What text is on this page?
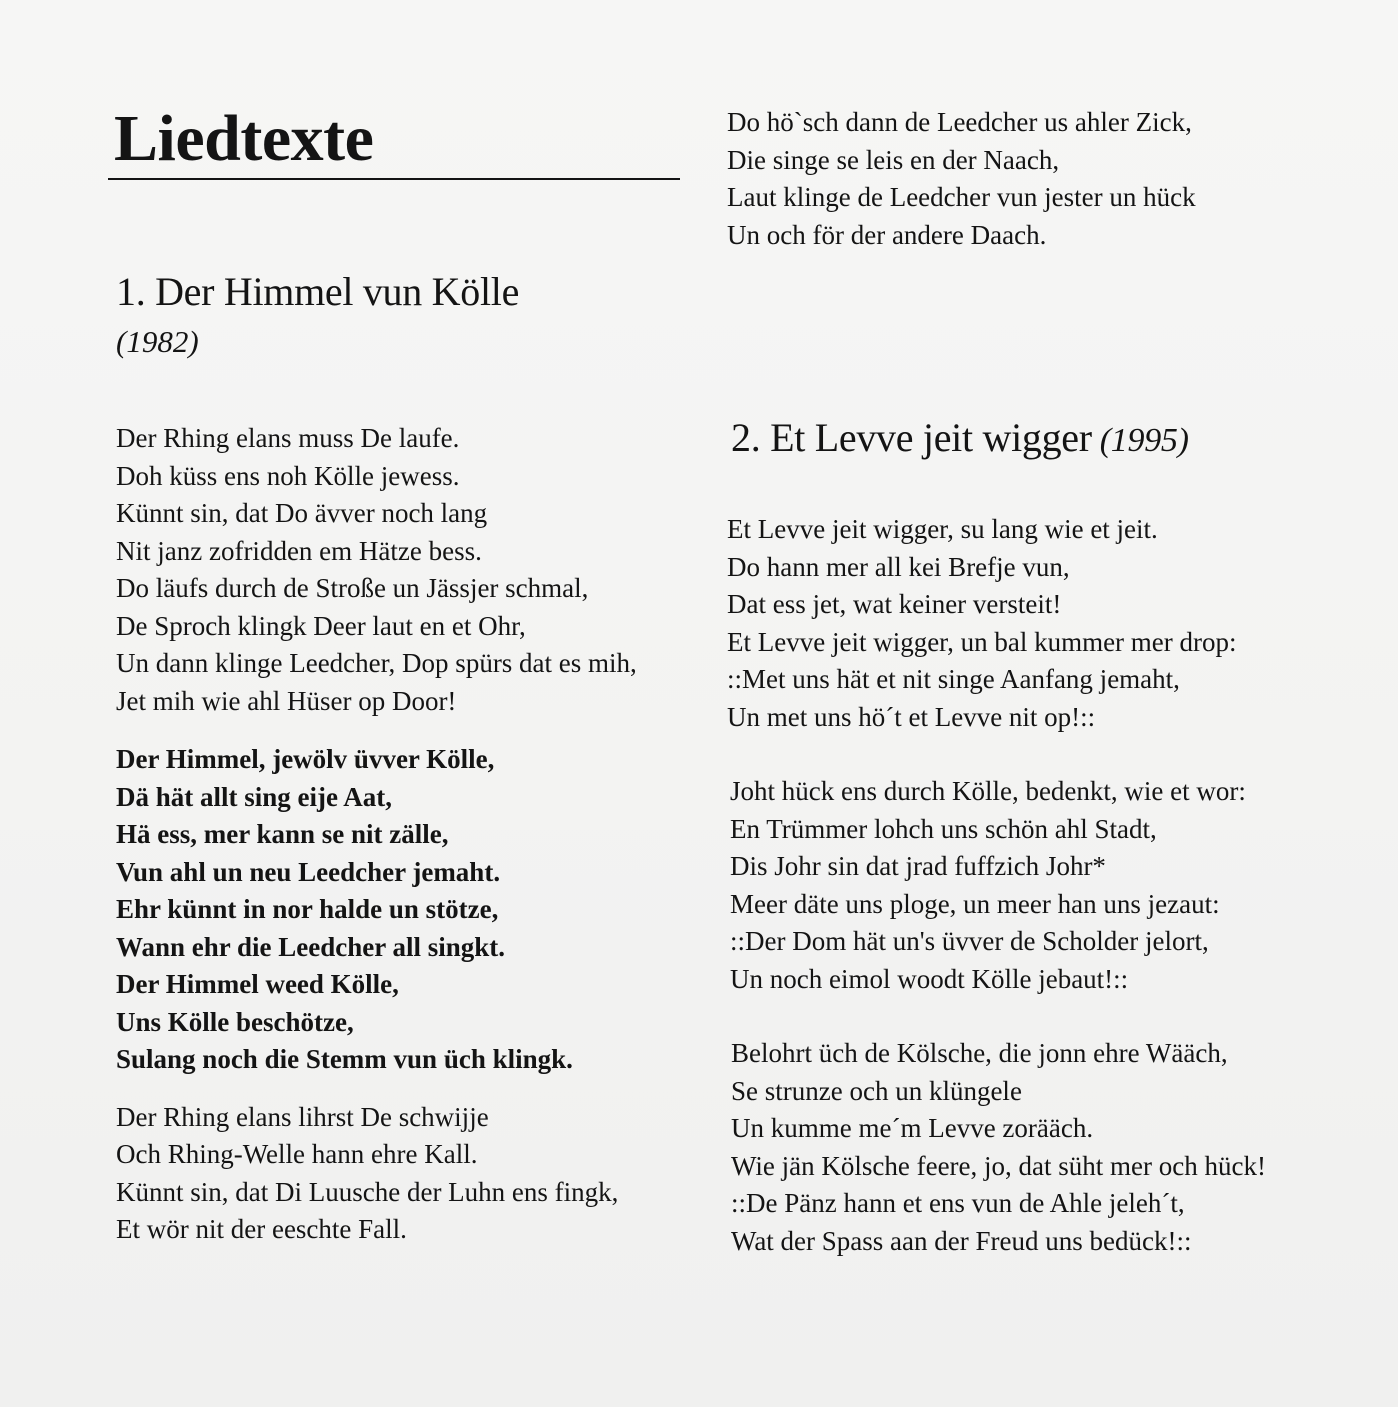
Liedtexte
1. Der Himmel vun Kölle
(1982)
Der Rhing elans muss De laufe.
Doh küss ens noh Kölle jewess.
Künnt sin, dat Do ävver noch lang
Nit janz zofridden em Hätze bess.
Do läufs durch de Stroße un Jässjer schmal,
De Sproch klingk Deer laut en et Ohr,
Un dann klinge Leedcher, Dop spürs dat es mih,
Jet mih wie ahl Hüser op Door!
Der Himmel, jewölv üvver Kölle,
Dä hät allt sing eije Aat,
Hä ess, mer kann se nit zälle,
Vun ahl un neu Leedcher jemaht.
Ehr künnt in nor halde un stötze,
Wann ehr die Leedcher all singkt.
Der Himmel weed Kölle,
Uns Kölle beschötze,
Sulang noch die Stemm vun üch klingk.
Der Rhing elans lihrst De schwijje
Och Rhing-Welle hann ehre Kall.
Künnt sin, dat Di Luusche der Luhn ens fingk,
Et wör nit der eeschte Fall.
Do hö`sch dann de Leedcher us ahler Zick,
Die singe se leis en der Naach,
Laut klinge de Leedcher vun jester un hück
Un och för der andere Daach.
2. Et Levve jeit wigger (1995)
Et Levve jeit wigger, su lang wie et jeit.
Do hann mer all kei Brefje vun,
Dat ess jet, wat keiner versteit!
Et Levve jeit wigger, un bal kummer mer drop:
::Met uns hät et nit singe Aanfang jemaht,
Un met uns hö´t et Levve nit op!::
Joht hück ens durch Kölle, bedenkt, wie et wor:
En Trümmer lohch uns schön ahl Stadt,
Dis Johr sin dat jrad fuffzich Johr*
Meer däte uns ploge, un meer han uns jezaut:
::Der Dom hät un's üvver de Scholder jelort,
Un noch eimol woodt Kölle jebaut!::
Belohrt üch de Kölsche, die jonn ehre Wääch,
Se strunze och un klüngele
Un kumme me´m Levve zorääch.
Wie jän Kölsche feere, jo, dat süht mer och hück!
::De Pänz hann et ens vun de Ahle jeleh´t,
Wat der Spass aan der Freud uns bedück!::
